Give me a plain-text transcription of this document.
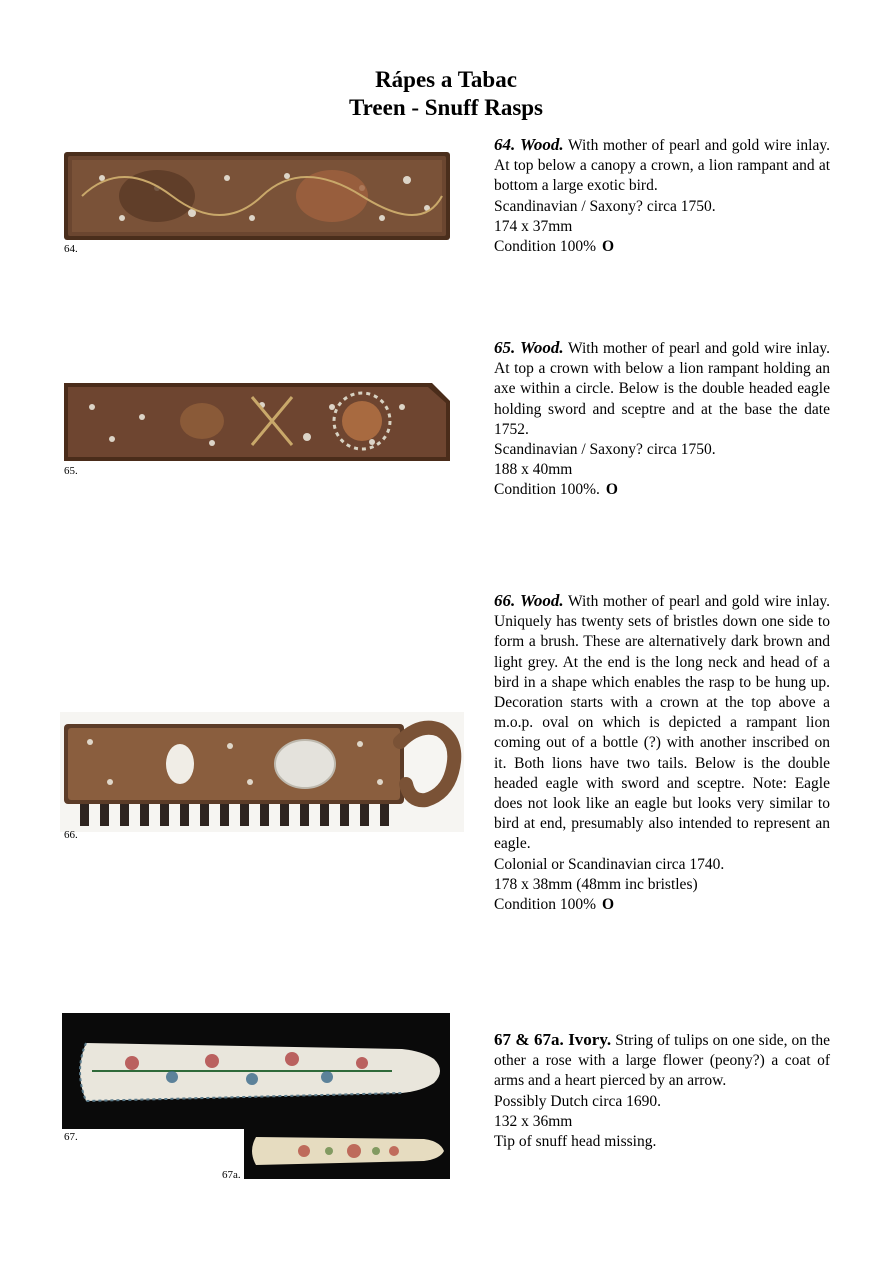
Rápes a Tabac
Treen - Snuff Rasps
64.

64. Wood. With mother of pearl and gold wire inlay. At top below a canopy a crown, a lion rampant and at bottom a large exotic bird.

Scandinavian / Saxony? circa 1750.

174 x 37mm

Condition 100% O

65.

65. Wood. With mother of pearl and gold wire inlay. At top a crown with below a lion rampant holding an axe within a circle. Below is the double headed eagle holding sword and sceptre and at the base the date 1752.

Scandinavian / Saxony? circa 1750.

188 x 40mm

Condition 100%. O

66.

66. Wood. With mother of pearl and gold wire inlay. Uniquely has twenty sets of bristles down one side to form a brush. These are alternatively dark brown and light grey. At the end is the long neck and head of a bird in a shape which enables the rasp to be hung up. Decoration starts with a crown at the top above a m.o.p. oval on which is depicted a rampant lion coming out of a bottle (?) with another inscribed on it. Both lions have two tails. Below is the double headed eagle with sword and sceptre. Note: Eagle does not look like an eagle but looks very similar to bird at end, presumably also intended to represent an eagle.

Colonial or Scandinavian circa 1740.

178 x 38mm (48mm inc bristles)

Condition 100% O

67.
67a.

67 & 67a. Ivory. String of tulips on one side, on the other a rose with a large flower (peony?) a coat of arms and a heart pierced by an arrow.

Possibly Dutch circa 1690.

132 x 36mm

Tip of snuff head missing.
